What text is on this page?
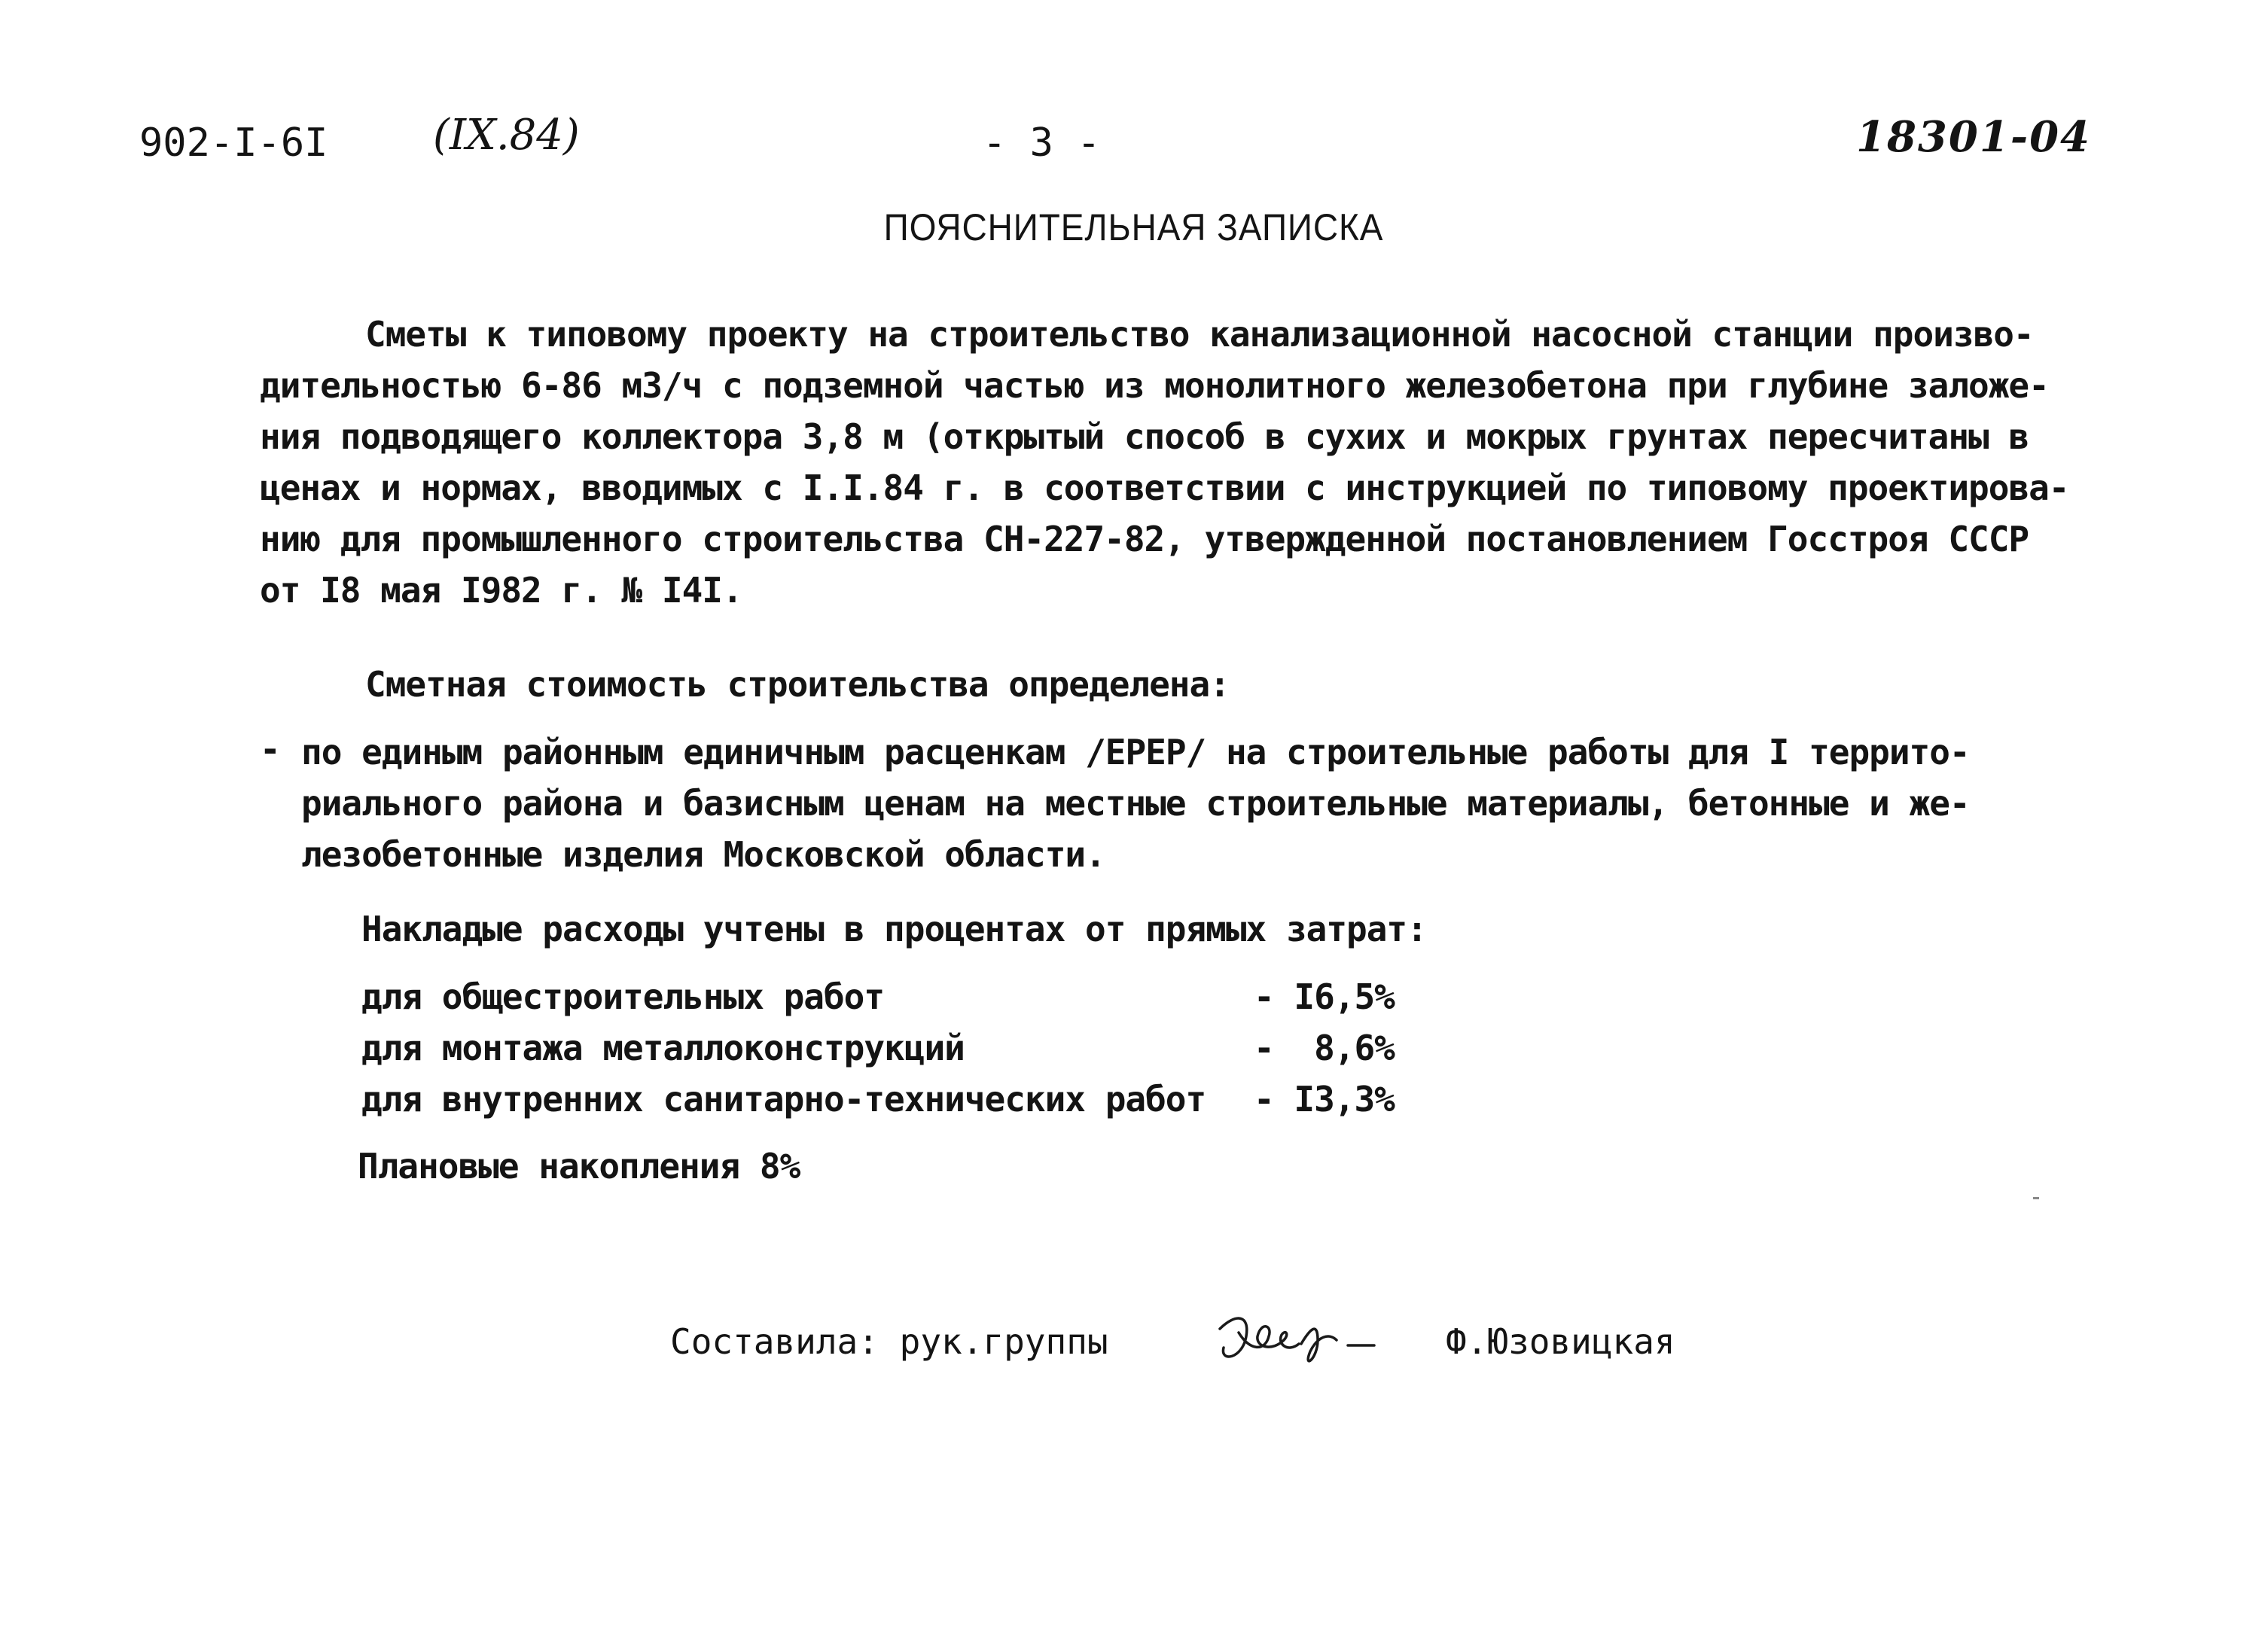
902-I-6I (IX.84)	- 3 -	18301-04
ПОЯСНИТЕЛЬНАЯ ЗАПИСКА
Сметы к типовому проекту на строительство канализационной насосной станции произво-
дительностью 6-86 м3/ч с подземной частью из монолитного железобетона при глубине заложе-
ния подводящего коллектора 3,8 м (открытый способ в сухих и мокрых грунтах пересчитаны в
ценах и нормах, вводимых с I.I.84 г. в соответствии с инструкцией по типовому проектирова-
нию для промышленного строительства СН-227-82, утвержденной постановлением Госстроя СССР
от I8 мая I982 г. № I4I.
Сметная стоимость строительства определена:
- по единым районным единичным расценкам /ЕРЕР/ на строительные работы для I террито-
риального района и базисным ценам на местные строительные материалы, бетонные и же-
лезобетонные изделия Московской области.
Накладые расходы учтены в процентах от прямых затрат:
для общестроительных работ	- I6,5%
для монтажа металлоконструкций	-  8,6%
для внутренних санитарно-технических работ - I3,3%
Плановые накопления 8%
Составила: рук.группы	Ф.Юзовицкая
